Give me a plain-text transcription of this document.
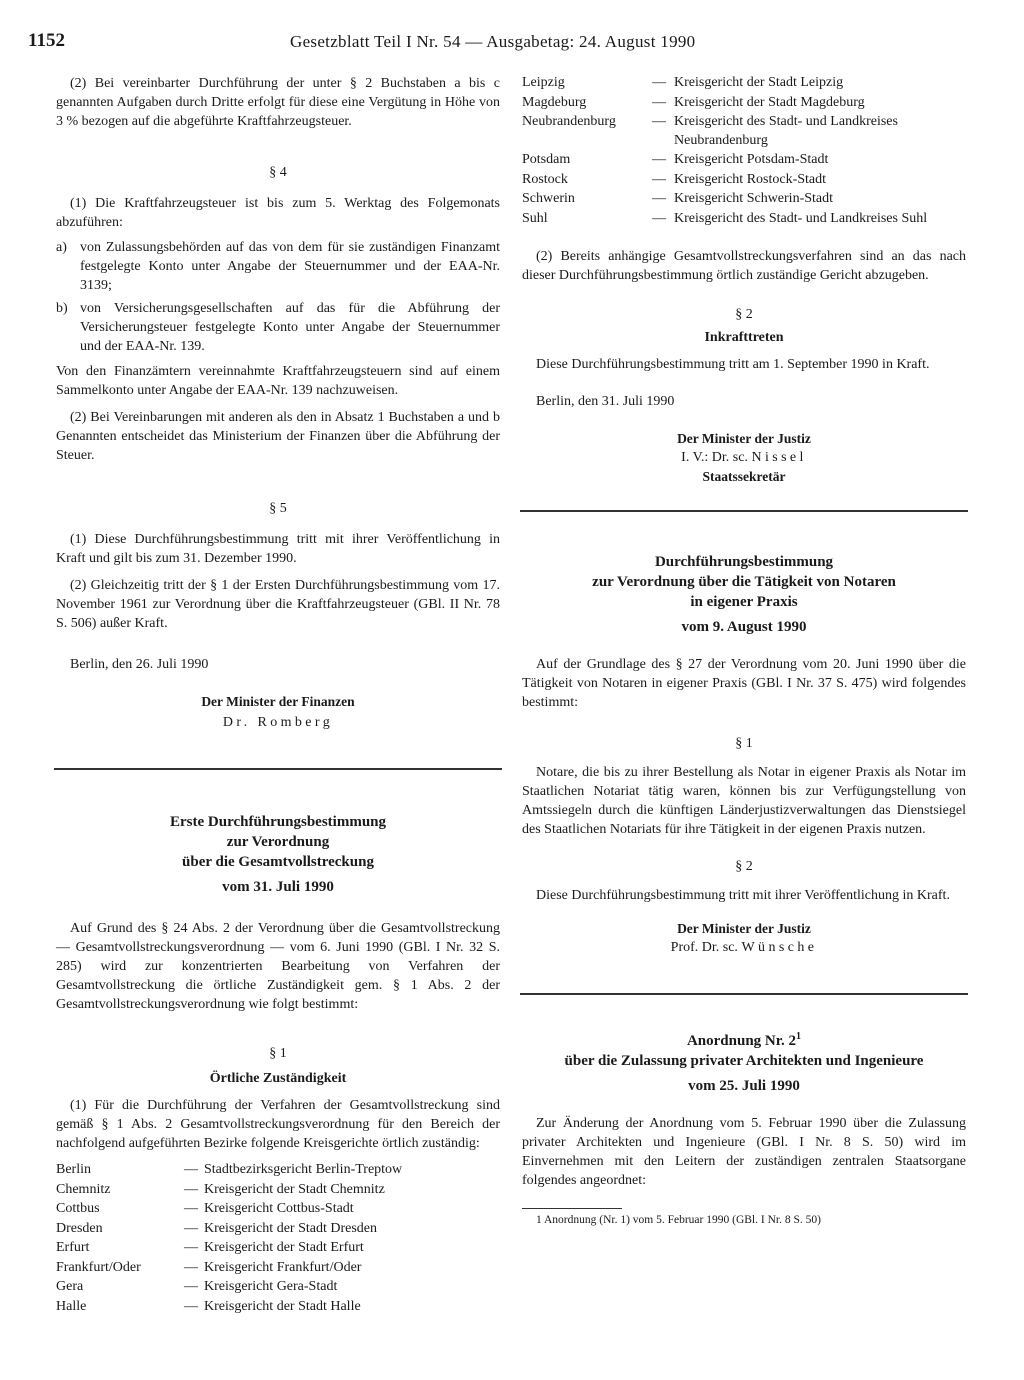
1152	Gesetzblatt Teil I Nr. 54 — Ausgabetag: 24. August 1990

(2) Bei vereinbarter Durchführung der unter § 2 Buchstaben a bis c genannten Aufgaben durch Dritte erfolgt für diese eine Vergütung in Höhe von 3 % bezogen auf die abgeführte Kraftfahrzeugsteuer.

§ 4

(1) Die Kraftfahrzeugsteuer ist bis zum 5. Werktag des Folgemonats abzuführen:

a) von Zulassungsbehörden auf das von dem für sie zuständigen Finanzamt festgelegte Konto unter Angabe der Steuernummer und der EAA-Nr. 3139;
b) von Versicherungsgesellschaften auf das für die Abführung der Versicherungsteuer festgelegte Konto unter Angabe der Steuernummer und der EAA-Nr. 139.

Von den Finanzämtern vereinnahmte Kraftfahrzeugsteuern sind auf einem Sammelkonto unter Angabe der EAA-Nr. 139 nachzuweisen.

(2) Bei Vereinbarungen mit anderen als den in Absatz 1 Buchstaben a und b Genannten entscheidet das Ministerium der Finanzen über die Abführung der Steuer.

§ 5

(1) Diese Durchführungsbestimmung tritt mit ihrer Veröffentlichung in Kraft und gilt bis zum 31. Dezember 1990.

(2) Gleichzeitig tritt der § 1 der Ersten Durchführungsbestimmung vom 17. November 1961 zur Verordnung über die Kraftfahrzeugsteuer (GBl. II Nr. 78 S. 506) außer Kraft.

Berlin, den 26. Juli 1990

Der Minister der Finanzen
Dr. Romberg
Erste Durchführungsbestimmung
zur Verordnung
über die Gesamtvollstreckung
vom 31. Juli 1990

Auf Grund des § 24 Abs. 2 der Verordnung über die Gesamtvollstreckung — Gesamtvollstreckungsverordnung — vom 6. Juni 1990 (GBl. I Nr. 32 S. 285) wird zur konzentrierten Bearbeitung von Verfahren der Gesamtvollstreckung die örtliche Zuständigkeit gem. § 1 Abs. 2 der Gesamtvollstreckungsverordnung wie folgt bestimmt:

§ 1
Örtliche Zuständigkeit

(1) Für die Durchführung der Verfahren der Gesamtvollstreckung sind gemäß § 1 Abs. 2 Gesamtvollstreckungsverordnung für den Bereich der nachfolgend aufgeführten Bezirke folgende Kreisgerichte örtlich zuständig:

Berlin	—	Stadtbezirksgericht Berlin-Treptow
Chemnitz	—	Kreisgericht der Stadt Chemnitz
Cottbus	—	Kreisgericht Cottbus-Stadt
Dresden	—	Kreisgericht der Stadt Dresden
Erfurt	—	Kreisgericht der Stadt Erfurt
Frankfurt/Oder	—	Kreisgericht Frankfurt/Oder
Gera	—	Kreisgericht Gera-Stadt
Halle	—	Kreisgericht der Stadt Halle
Leipzig	—	Kreisgericht der Stadt Leipzig
Magdeburg	—	Kreisgericht der Stadt Magdeburg
Neubrandenburg	—	Kreisgericht des Stadt- und Landkreises Neubrandenburg
Potsdam	—	Kreisgericht Potsdam-Stadt
Rostock	—	Kreisgericht Rostock-Stadt
Schwerin	—	Kreisgericht Schwerin-Stadt
Suhl	—	Kreisgericht des Stadt- und Landkreises Suhl

(2) Bereits anhängige Gesamtvollstreckungsverfahren sind an das nach dieser Durchführungsbestimmung örtlich zuständige Gericht abzugeben.

§ 2
Inkrafttreten

Diese Durchführungsbestimmung tritt am 1. September 1990 in Kraft.

Berlin, den 31. Juli 1990

Der Minister der Justiz
I. V.: Dr. sc. Nissel
Staatssekretär
Durchführungsbestimmung
zur Verordnung über die Tätigkeit von Notaren
in eigener Praxis
vom 9. August 1990

Auf der Grundlage des § 27 der Verordnung vom 20. Juni 1990 über die Tätigkeit von Notaren in eigener Praxis (GBl. I Nr. 37 S. 475) wird folgendes bestimmt:

§ 1

Notare, die bis zu ihrer Bestellung als Notar in eigener Praxis als Notar im Staatlichen Notariat tätig waren, können bis zur Verfügungstellung von Amtssiegeln durch die künftigen Länderjustizverwaltungen das Dienstsiegel des Staatlichen Notariats für ihre Tätigkeit in der eigenen Praxis nutzen.

§ 2

Diese Durchführungsbestimmung tritt mit ihrer Veröffentlichung in Kraft.

Der Minister der Justiz
Prof. Dr. sc. Wünsche
Anordnung Nr. $2^1$
über die Zulassung privater Architekten und Ingenieure
vom 25. Juli 1990

Zur Änderung der Anordnung vom 5. Februar 1990 über die Zulassung privater Architekten und Ingenieure (GBl. I Nr. 8 S. 50) wird im Einvernehmen mit den Leitern der zuständigen zentralen Staatsorgane folgendes angeordnet:

1 Anordnung (Nr. 1) vom 5. Februar 1990 (GBl. I Nr. 8 S. 50)
